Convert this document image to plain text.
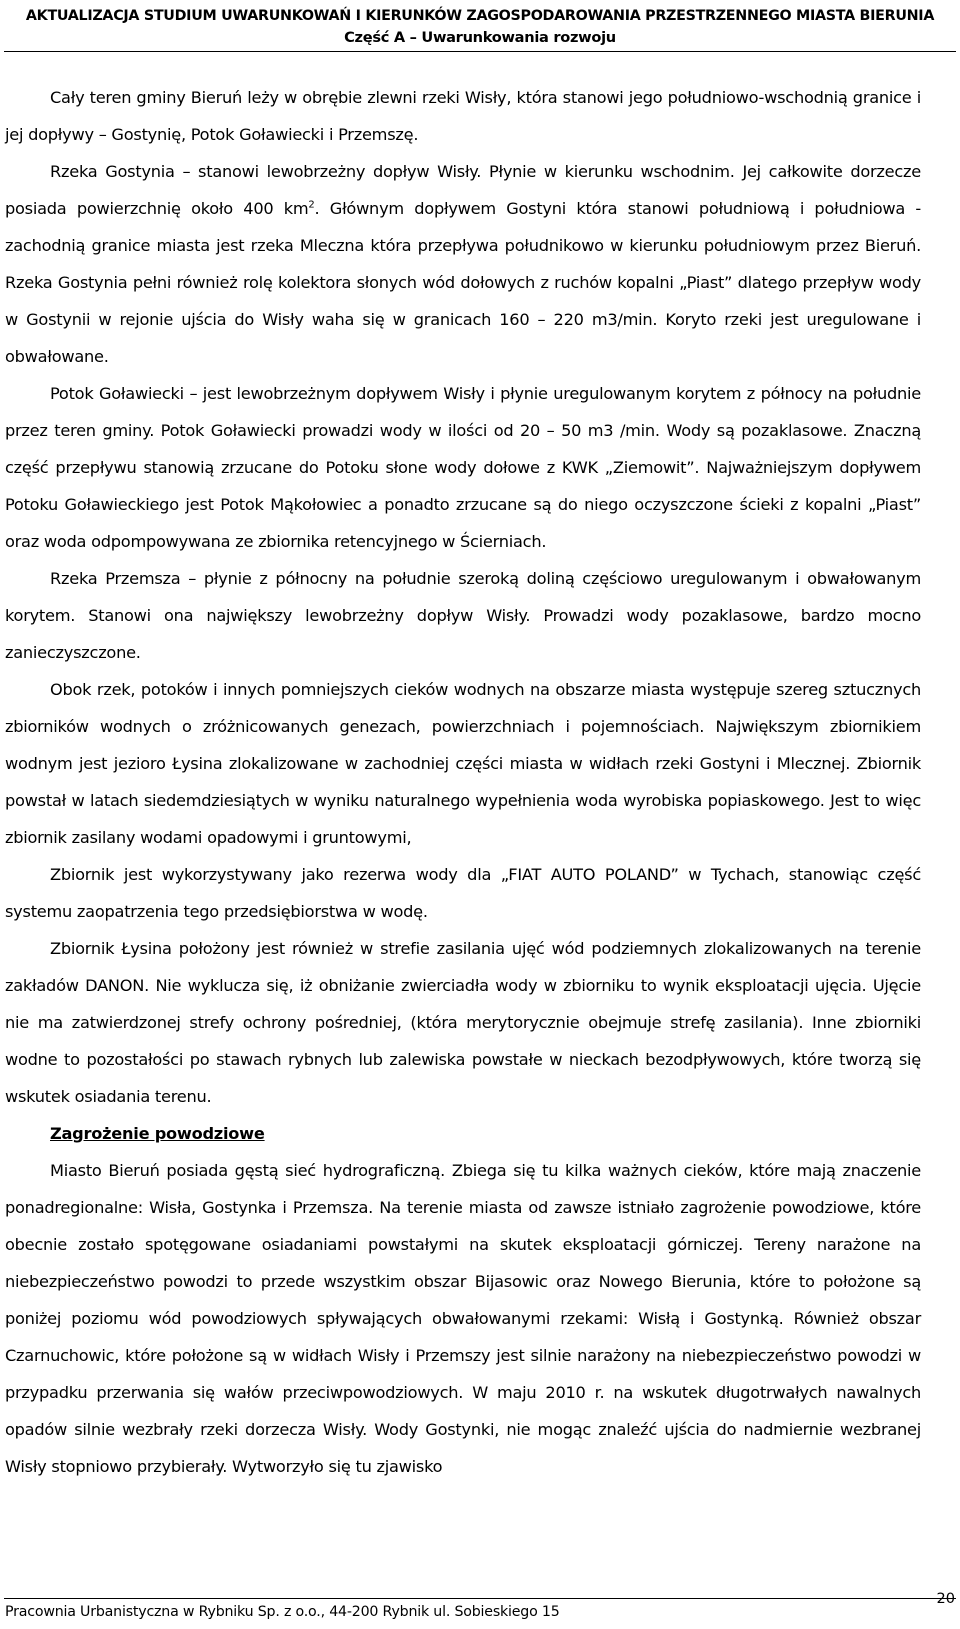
AKTUALIZACJA STUDIUM UWARUNKOWAŃ I KIERUNKÓW ZAGOSPODAROWANIA PRZESTRZENNEGO MIASTA BIERUNIA
Część A – Uwarunkowania rozwoju

Cały teren gminy Bieruń leży w obrębie zlewni rzeki Wisły, która stanowi jego południowo-wschodnią granice i jej dopływy – Gostynię, Potok Goławiecki i Przemszę.

Rzeka Gostynia – stanowi lewobrzeżny dopływ Wisły. Płynie w kierunku wschodnim. Jej całkowite dorzecze posiada powierzchnię około 400 $km^2$. Głównym dopływem Gostyni która stanowi południową i południowa - zachodnią granice miasta jest rzeka Mleczna która przepływa południkowo w kierunku południowym przez Bieruń. Rzeka Gostynia pełni również rolę kolektora słonych wód dołowych z ruchów kopalni „Piast” dlatego przepływ wody w Gostynii w rejonie ujścia do Wisły waha się w granicach 160 – 220 m3/min. Koryto rzeki jest uregulowane i obwałowane.

Potok Goławiecki – jest lewobrzeżnym dopływem Wisły i płynie uregulowanym korytem z północy na południe przez teren gminy. Potok Goławiecki prowadzi wody w ilości od 20 – 50 m3 /min. Wody są pozaklasowe. Znaczną część przepływu stanowią zrzucane do Potoku słone wody dołowe z KWK „Ziemowit”. Najważniejszym dopływem Potoku Goławieckiego jest Potok Mąkołowiec a ponadto zrzucane są do niego oczyszczone ścieki z kopalni „Piast” oraz woda odpompowywana ze zbiornika retencyjnego w Ścierniach.

Rzeka Przemsza – płynie z północny na południe szeroką doliną częściowo uregulowanym i obwałowanym korytem. Stanowi ona największy lewobrzeżny dopływ Wisły. Prowadzi wody pozaklasowe, bardzo mocno zanieczyszczone.

Obok rzek, potoków i innych pomniejszych cieków wodnych na obszarze miasta występuje szereg sztucznych zbiorników wodnych o zróżnicowanych genezach, powierzchniach i pojemnościach. Największym zbiornikiem wodnym jest jezioro Łysina zlokalizowane w zachodniej części miasta w widłach rzeki Gostyni i Mlecznej. Zbiornik powstał w latach siedemdziesiątych w wyniku naturalnego wypełnienia woda wyrobiska popiaskowego. Jest to więc zbiornik zasilany wodami opadowymi i gruntowymi,

Zbiornik jest wykorzystywany jako rezerwa wody dla „FIAT AUTO POLAND” w Tychach, stanowiąc część systemu zaopatrzenia tego przedsiębiorstwa w wodę.

Zbiornik Łysina położony jest również w strefie zasilania ujęć wód podziemnych zlokalizowanych na terenie zakładów DANON. Nie wyklucza się, iż obniżanie zwierciadła wody w zbiorniku to wynik eksploatacji ujęcia. Ujęcie nie ma zatwierdzonej strefy ochrony pośredniej, (która merytorycznie obejmuje strefę zasilania). Inne zbiorniki wodne to pozostałości po stawach rybnych lub zalewiska powstałe w nieckach bezodpływowych, które tworzą się wskutek osiadania terenu.

Zagrożenie powodziowe

Miasto Bieruń posiada gęstą sieć hydrograficzną. Zbiega się tu kilka ważnych cieków, które mają znaczenie ponadregionalne: Wisła, Gostynka i Przemsza. Na terenie miasta od zawsze istniało zagrożenie powodziowe, które obecnie zostało spotęgowane osiadaniami powstałymi na skutek eksploatacji górniczej. Tereny narażone na niebezpieczeństwo powodzi to przede wszystkim obszar Bijasowic oraz Nowego Bierunia, które to położone są poniżej poziomu wód powodziowych spływających obwałowanymi rzekami: Wisłą i Gostynką. Również obszar Czarnuchowic, które położone są w widłach Wisły i Przemszy jest silnie narażony na niebezpieczeństwo powodzi w przypadku przerwania się wałów przeciwpowodziowych. W maju 2010 r. na wskutek długotrwałych nawalnych opadów silnie wezbrały rzeki dorzecza Wisły. Wody Gostynki, nie mogąc znaleźć ujścia do nadmiernie wezbranej Wisły stopniowo przybierały. Wytworzyło się tu zjawisko

Pracownia Urbanistyczna w Rybniku Sp. z o.o., 44-200 Rybnik ul. Sobieskiego 15
20
